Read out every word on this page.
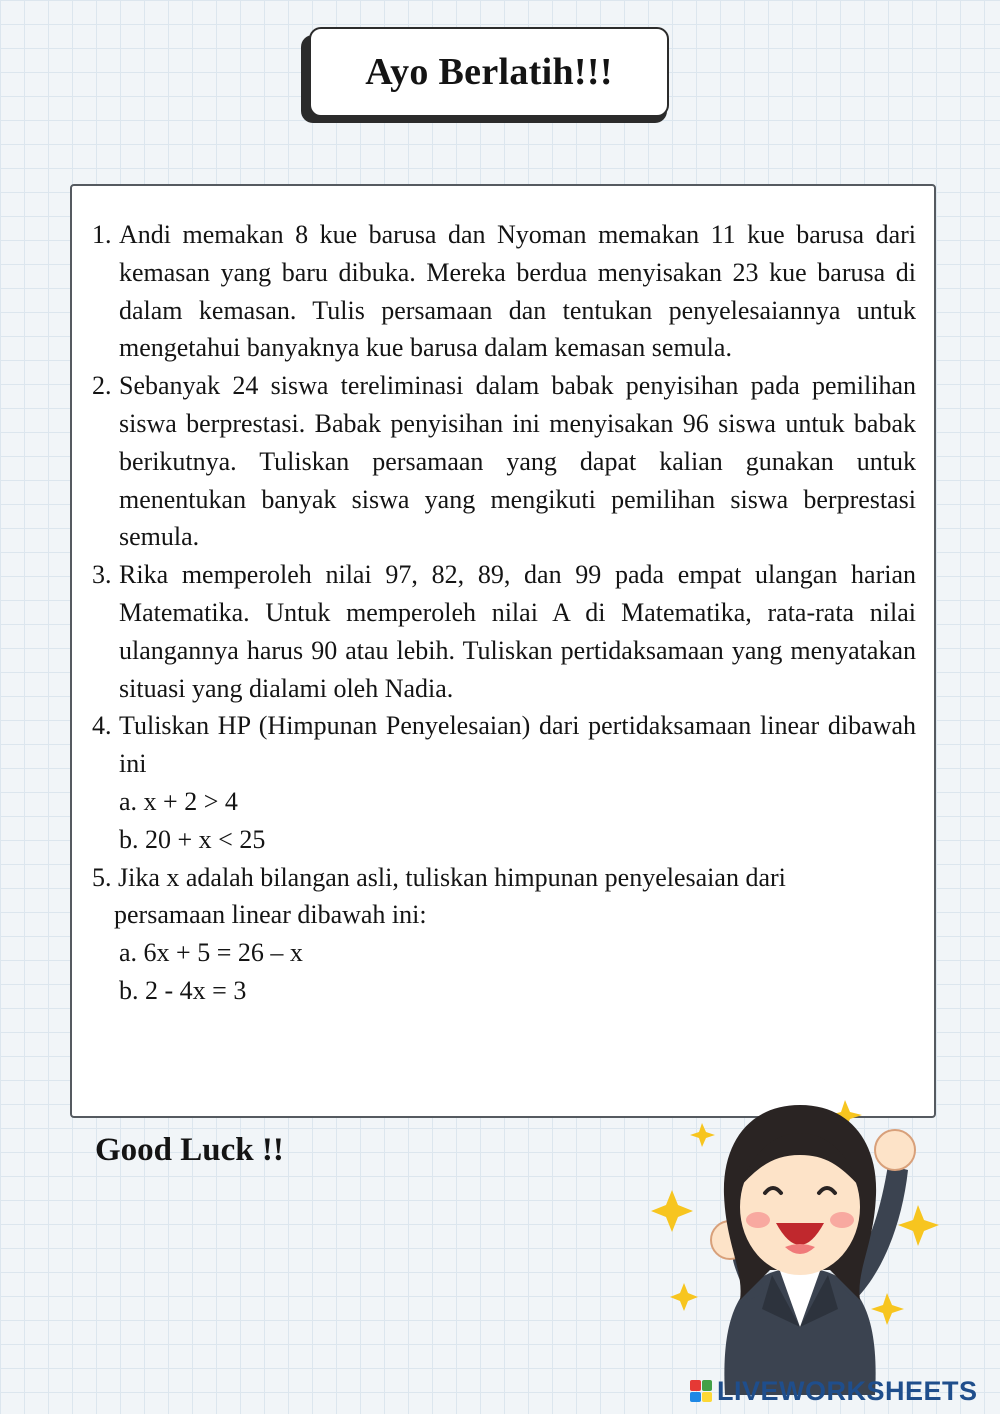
Ayo Berlatih!!!
1. Andi memakan 8 kue barusa dan Nyoman memakan 11 kue barusa dari kemasan yang baru dibuka. Mereka berdua menyisakan 23 kue barusa di dalam kemasan. Tulis persamaan dan tentukan penyelesaiannya untuk mengetahui banyaknya kue barusa dalam kemasan semula.
2. Sebanyak 24 siswa tereliminasi dalam babak penyisihan pada pemilihan siswa berprestasi. Babak penyisihan ini menyisakan 96 siswa untuk babak berikutnya. Tuliskan persamaan yang dapat kalian gunakan untuk menentukan banyak siswa yang mengikuti pemilihan siswa berprestasi semula.
3. Rika memperoleh nilai 97, 82, 89, dan 99 pada empat ulangan harian Matematika. Untuk memperoleh nilai A di Matematika, rata-rata nilai ulangannya harus 90 atau lebih. Tuliskan pertidaksamaan yang menyatakan situasi yang dialami oleh Nadia.
4. Tuliskan HP (Himpunan Penyelesaian) dari pertidaksamaan linear dibawah ini
a. x + 2 > 4
b. 20 + x < 25
5. Jika x adalah bilangan asli, tuliskan himpunan penyelesaian dari
persamaan linear dibawah ini:
a. 6x + 5 = 26 – x
b. 2 - 4x = 3
Good Luck !!
LIVEWORKSHEETS
